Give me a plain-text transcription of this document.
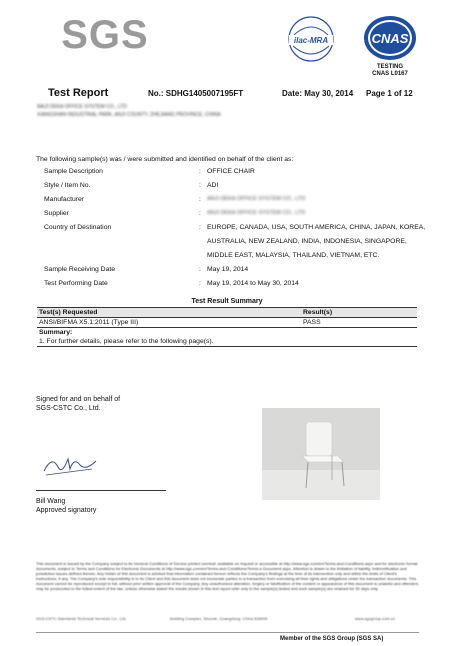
SGS	ilac-MRA	CNAS
TESTING
CNAS L0167
Test Report	No.: SDHG1405007195FT	Date: May 30, 2014 Page 1 of 12
MAJI DEKA OFFICE SYSTEM CO., LTD
XIANGSHAN INDUSTRIAL PARK, ANJI COUNTY, ZHEJIANG PROVINCE, CHINA
The following sample(s) was / were submitted and identified on behalf of the client as:
Sample Description	: OFFICE CHAIR
Style / Item No.	: ADI
Manufacturer	: ANJI DEKA OFFICE SYSTEM CO., LTD
Supplier	: ANJI DEKA OFFICE SYSTEM CO., LTD
Country of Destination	: EUROPE, CANADA, USA, SOUTH AMERICA, CHINA, JAPAN, KOREA,
AUSTRALIA, NEW ZEALAND, INDIA, INDONESIA, SINGAPORE,
MIDDLE EAST, MALAYSIA, THAILAND, VIETNAM, ETC.
Sample Receiving Date	: May 19, 2014
Test Performing Date	: May 19, 2014 to May 30, 2014
Test Result Summary
Test(s) Requested	Result(s)
ANSI/BIFMA X5.1:2011 (Type III)	PASS
Summary:	
1. For further details, please refer to the following page(s).	
Signed for and on behalf of
SGS-CSTC Co., Ltd.
Bill Wang
Approved signatory
This document is issued by the Company subject to its General Conditions of Service printed overleaf, available on request or accessible at http://www.sgs.com/en/Terms-and-Conditions.aspx and for electronic format documents, subject to Terms and Conditions for Electronic Documents at http://www.sgs.com/en/Terms-and-Conditions/Terms-e-Document.aspx. Attention is drawn to the limitation of liability, indemnification and jurisdiction issues defined therein. Any holder of this document is advised that information contained hereon reflects the Company's findings at the time of its intervention only and within the limits of Client's instructions, if any. The Company's sole responsibility is to its Client and this document does not exonerate parties to a transaction from exercising all their rights and obligations under the transaction documents. This document cannot be reproduced except in full, without prior written approval of the Company. Any unauthorized alteration, forgery or falsification of the content or appearance of this document is unlawful and offenders may be prosecuted to the fullest extent of the law. Unless otherwise stated the results shown in this test report refer only to the sample(s) tested and such sample(s) are retained for 30 days only.
SGS-CSTC Standards Technical Services Co., Ltd.	Building Complex, Shunde, Guangdong, China 528000	www.sgsgroup.com.cn
Member of the SGS Group (SGS SA)
